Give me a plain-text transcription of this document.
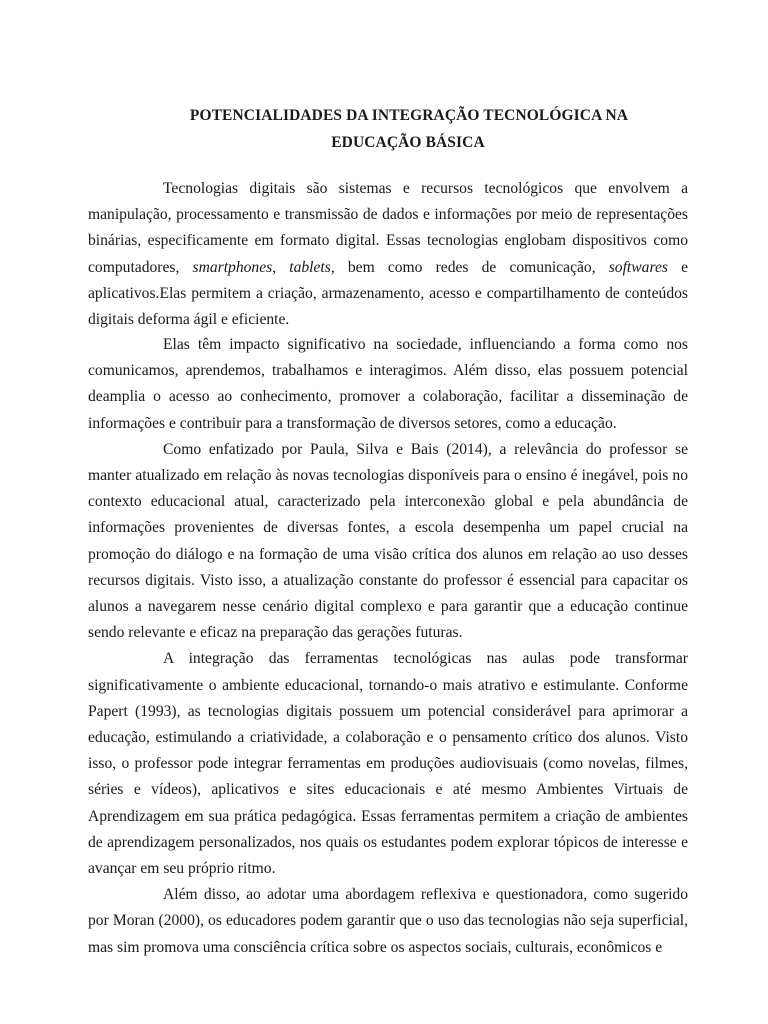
POTENCIALIDADES DA INTEGRAÇÃO TECNOLÓGICA NA
EDUCAÇÃO BÁSICA

Tecnologias digitais são sistemas e recursos tecnológicos que envolvem a manipulação, processamento e transmissão de dados e informações por meio de representações binárias, especificamente em formato digital. Essas tecnologias englobam dispositivos como computadores, smartphones, tablets, bem como redes de comunicação, softwares e aplicativos.Elas permitem a criação, armazenamento, acesso e compartilhamento de conteúdos digitais deforma ágil e eficiente.

Elas têm impacto significativo na sociedade, influenciando a forma como nos comunicamos, aprendemos, trabalhamos e interagimos. Além disso, elas possuem potencial deamplia o acesso ao conhecimento, promover a colaboração, facilitar a disseminação de informações e contribuir para a transformação de diversos setores, como a educação.

Como enfatizado por Paula, Silva e Bais (2014), a relevância do professor se manter atualizado em relação às novas tecnologias disponíveis para o ensino é inegável, pois no contexto educacional atual, caracterizado pela interconexão global e pela abundância de informações provenientes de diversas fontes, a escola desempenha um papel crucial na promoção do diálogo e na formação de uma visão crítica dos alunos em relação ao uso desses recursos digitais. Visto isso, a atualização constante do professor é essencial para capacitar os alunos a navegarem nesse cenário digital complexo e para garantir que a educação continue sendo relevante e eficaz na preparação das gerações futuras.

A integração das ferramentas tecnológicas nas aulas pode transformar significativamente o ambiente educacional, tornando-o mais atrativo e estimulante. Conforme Papert (1993), as tecnologias digitais possuem um potencial considerável para aprimorar a educação, estimulando a criatividade, a colaboração e o pensamento crítico dos alunos. Visto isso, o professor pode integrar ferramentas em produções audiovisuais (como novelas, filmes, séries e vídeos), aplicativos e sites educacionais e até mesmo Ambientes Virtuais de Aprendizagem em sua prática pedagógica. Essas ferramentas permitem a criação de ambientes de aprendizagem personalizados, nos quais os estudantes podem explorar tópicos de interesse e avançar em seu próprio ritmo.

Além disso, ao adotar uma abordagem reflexiva e questionadora, como sugerido por Moran (2000), os educadores podem garantir que o uso das tecnologias não seja superficial, mas sim promova uma consciência crítica sobre os aspectos sociais, culturais, econômicos e
